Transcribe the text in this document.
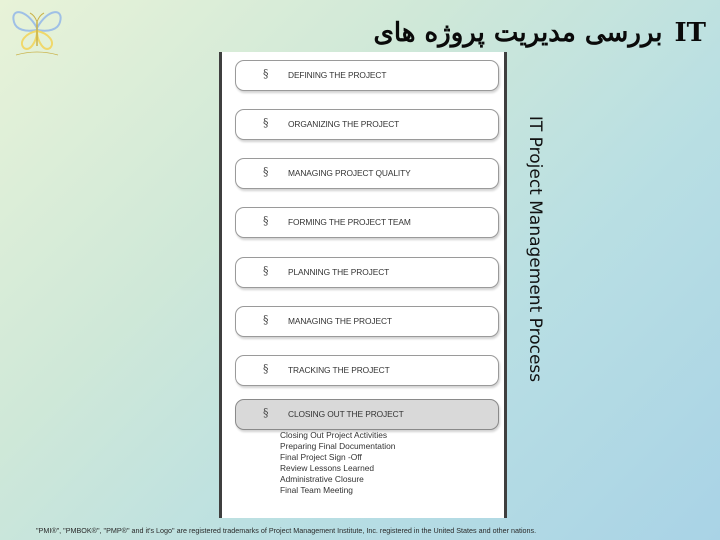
بررسی مدیریت پروژه های IT
§ DEFINING THE PROJECT
§ ORGANIZING THE PROJECT
§ MANAGING PROJECT QUALITY
§ FORMING THE PROJECT TEAM
§ PLANNING THE PROJECT
§ MANAGING THE PROJECT
§ TRACKING THE PROJECT
§ CLOSING OUT THE PROJECT
Closing Out Project Activities
Preparing Final Documentation
Final Project Sign -Off
Review Lessons Learned
Administrative Closure
Final Team Meeting
IT Project Management Process
"PMI®", "PMBOK®", "PMP®" and it's Logo" are registered trademarks of Project Management Institute, Inc. registered in the United States and other nations.
